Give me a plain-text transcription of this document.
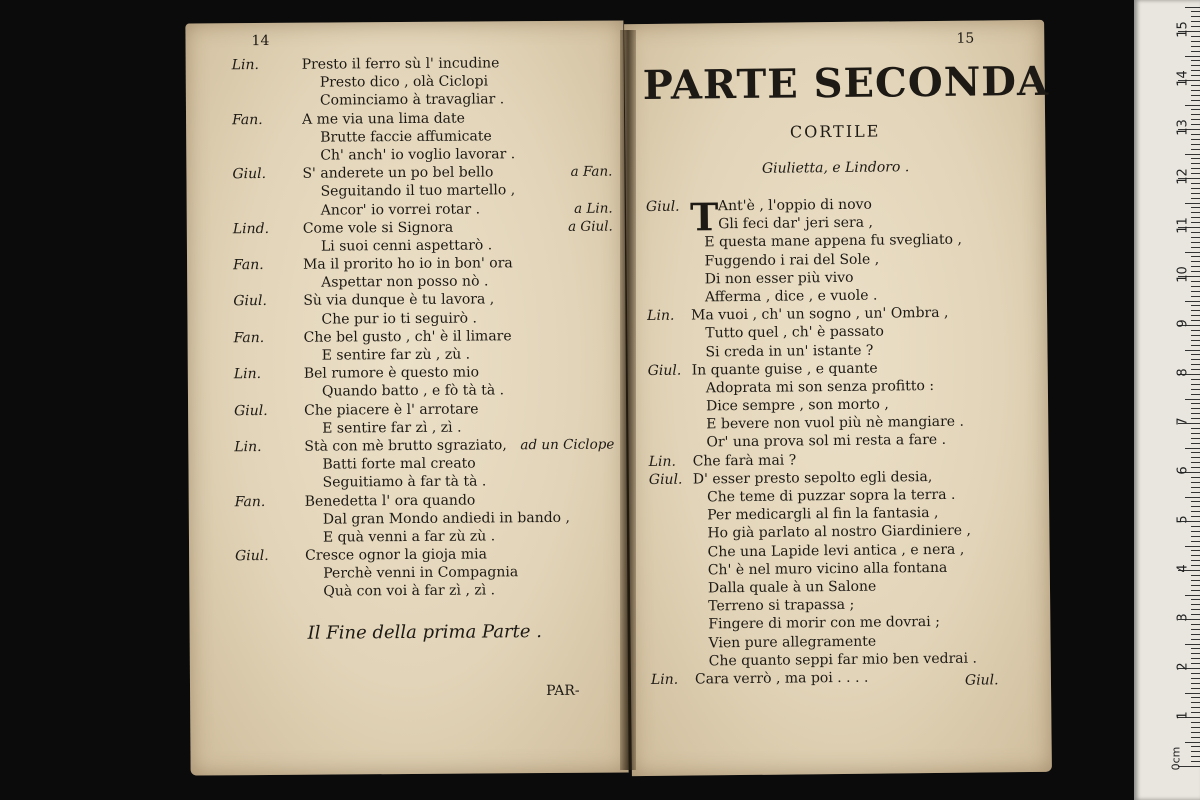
14
Lin.	Presto il ferro sù l' incudine
Presto dico , olà Ciclopi
Cominciamo à travagliar .
Fan.	A me via una lima date
Brutte faccie affumicate
Ch' anch' io voglio lavorar .
Giul.	S' anderete un po bel bello	a Fan.
Seguitando il tuo martello ,
Ancor' io vorrei rotar .	a Lin.
Lind. Come vole si Signora	a Giul.
Li suoi cenni aspettarò .
Fan.	Ma il prorito ho io in bon' ora
Aspettar non posso nò .
Giul.	Sù via dunque è tu lavora ,
Che pur io ti seguirò .
Fan.	Che bel gusto , ch' è il limare
E sentire far zù , zù .
Lin.	Bel rumore è questo mio
Quando batto , e fò tà tà .
Giul.	Che piacere è l' arrotare
E sentire far zì , zì .
Lin.	Stà con mè brutto sgraziato, ad un Ciclope
Batti forte mal creato
Seguitiamo à far tà tà .
Fan.	Benedetta l' ora quando
Dal gran Mondo andiedi in bando ,
E quà venni a far zù zù .
Giul.	Cresce ognor la gioja mia
Perchè venni in Compagnia
Quà con voi à far zì , zì .
Il Fine della prima Parte .
PAR-
15
PARTE SECONDA
CORTILE
Giulietta, e Lindoro .
Giul. T Ant'è , l'oppio di novo
Gli feci dar' jeri sera ,
E questa mane appena fu svegliato ,
Fuggendo i rai del Sole ,
Di non esser più vivo
Afferma , dice , e vuole .
Lin. Ma vuoi , ch' un sogno , un' Ombra ,
Tutto quel , ch' è passato
Si creda in un' istante ?
Giul. In quante guise , e quante
Adoprata mi son senza profitto :
Dice sempre , son morto ,
E bevere non vuol più nè mangiare .
Or' una prova sol mi resta a fare .
Lin. Che farà mai ?
Giul. D' esser presto sepolto egli desia,
Che teme di puzzar sopra la terra .
Per medicargli al fin la fantasia ,
Ho già parlato al nostro Giardiniere ,
Che una Lapide levi antica , e nera ,
Ch' è nel muro vicino alla fontana
Dalla quale à un Salone
Terreno si trapassa ;
Fingere di morir con me dovrai ;
Vien pure allegramente
Che quanto seppi far mio ben vedrai .
Lin. Cara verrò , ma poi . . . .	Giul.
0cm
1
2
3
4
5
6
7
8
9
10
11
12
13
14
15
